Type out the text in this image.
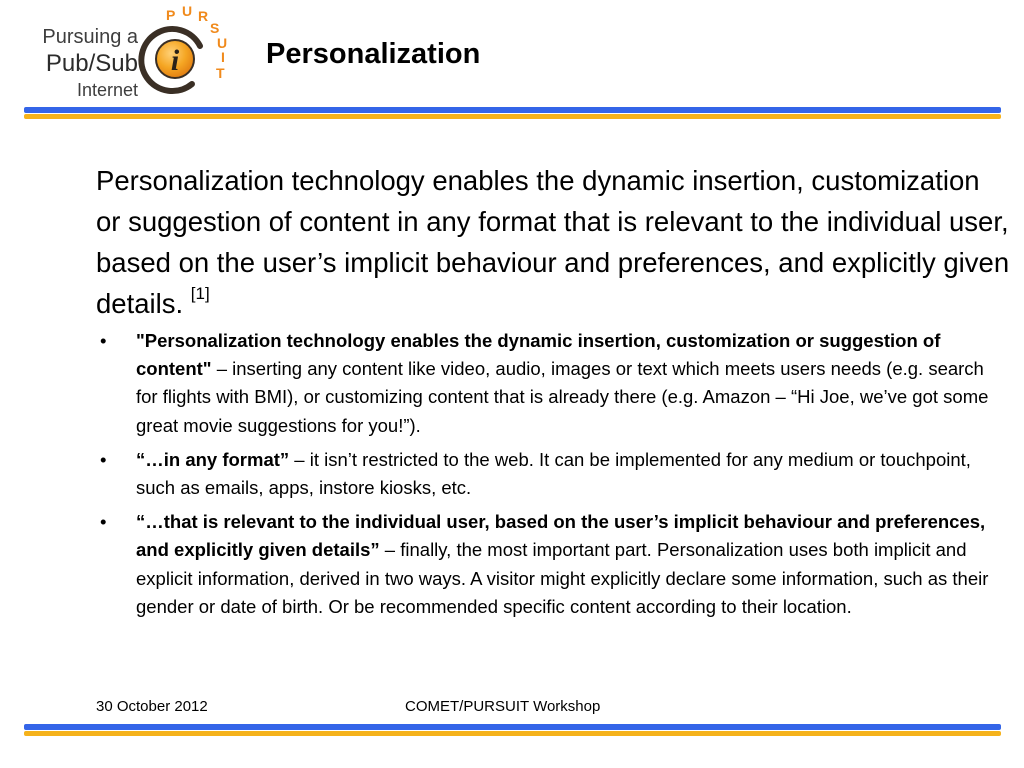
Pursuing a
Pub/Sub
Internet
i
P U R
S
U
I
T
Personalization
Personalization technology enables the dynamic insertion, customization or suggestion of content in any format that is relevant to the individual user, based on the user’s implicit behaviour and preferences, and explicitly given details. [1]
• "Personalization technology enables the dynamic insertion, customization or suggestion of content" – inserting any content like video, audio, images or text which meets users needs (e.g. search for flights with BMI), or customizing content that is already there (e.g. Amazon – “Hi Joe, we’ve got some great movie suggestions for you!”).
• “…in any format” – it isn’t restricted to the web. It can be implemented for any medium or touchpoint, such as emails, apps, instore kiosks, etc.
• “…that is relevant to the individual user, based on the user’s implicit behaviour and preferences, and explicitly given details” – finally, the most important part. Personalization uses both implicit and explicit information, derived in two ways. A visitor might explicitly declare some information, such as their gender or date of birth. Or be recommended specific content according to their location.
30 October 2012	COMET/PURSUIT Workshop
